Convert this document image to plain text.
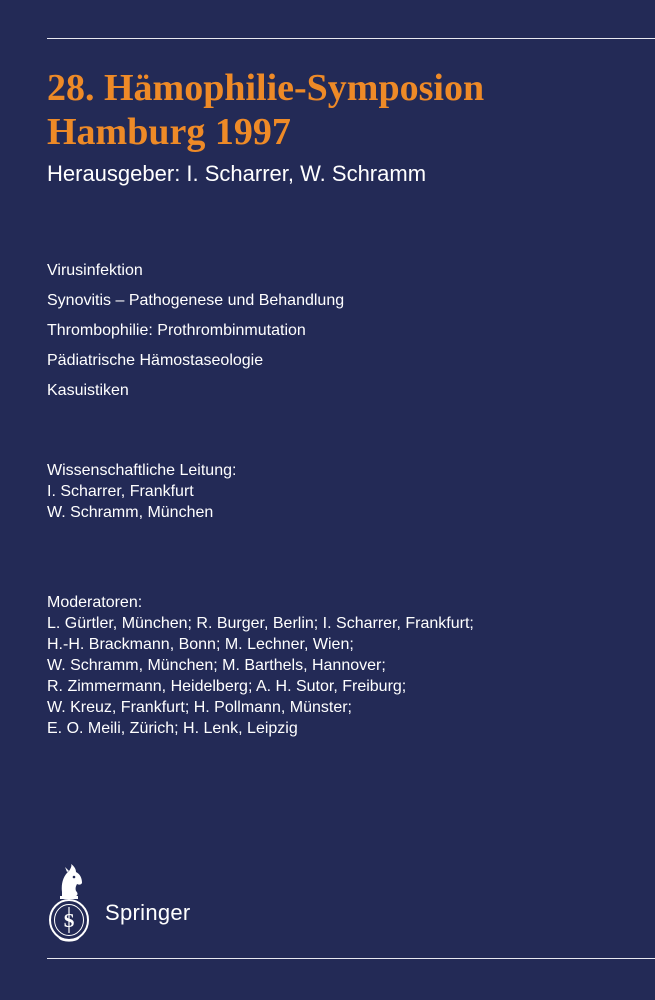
28. Hämophilie-Symposion
Hamburg 1997
Herausgeber: I. Scharrer, W. Schramm
Virusinfektion
Synovitis – Pathogenese und Behandlung
Thrombophilie: Prothrombinmutation
Pädiatrische Hämostaseologie
Kasuistiken
Wissenschaftliche Leitung:
I. Scharrer, Frankfurt
W. Schramm, München
Moderatoren:
L. Gürtler, München; R. Burger, Berlin; I. Scharrer, Frankfurt;
H.-H. Brackmann, Bonn; M. Lechner, Wien;
W. Schramm, München; M. Barthels, Hannover;
R. Zimmermann, Heidelberg; A. H. Sutor, Freiburg;
W. Kreuz, Frankfurt; H. Pollmann, Münster;
E. O. Meili, Zürich; H. Lenk, Leipzig
S Springer
